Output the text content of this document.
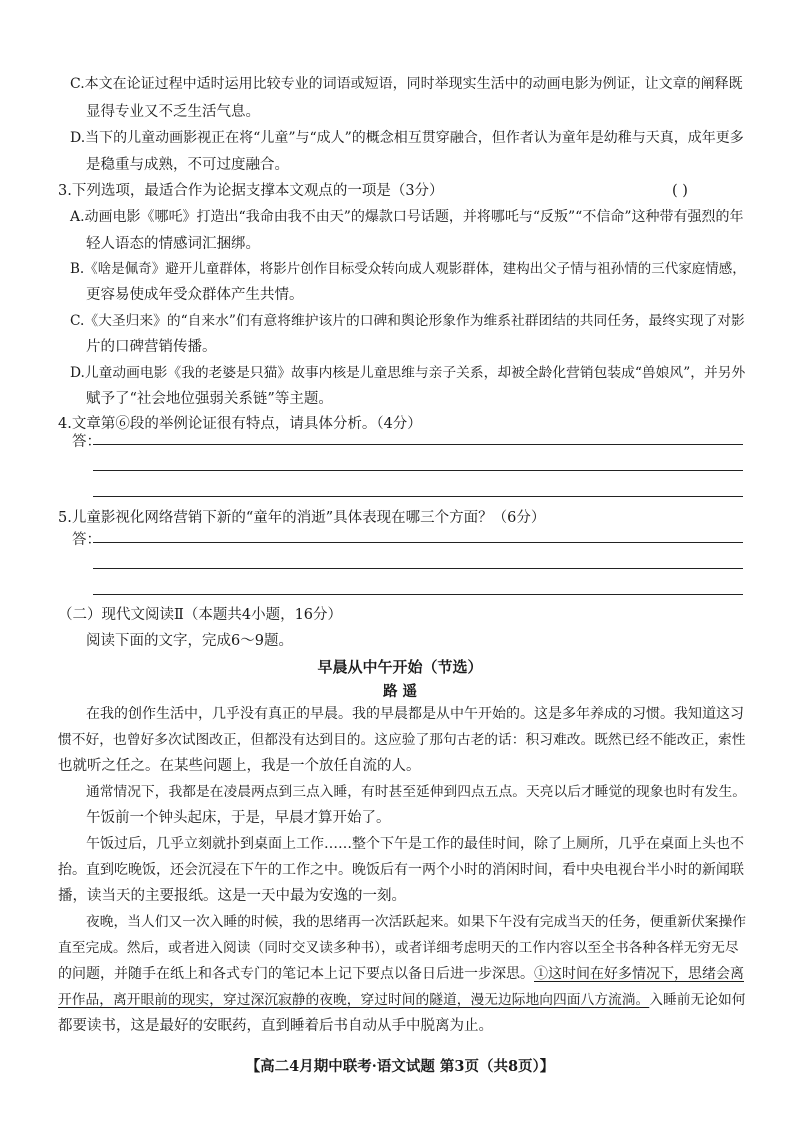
C.本文在论证过程中适时运用比较专业的词语或短语，同时举现实生活中的动画电影为例证，让文章的阐释既
显得专业又不乏生活气息。
D.当下的儿童动画影视正在将“儿童”与“成人”的概念相互贯穿融合，但作者认为童年是幼稚与天真，成年更多
是稳重与成熟，不可过度融合。
3.下列选项，最适合作为论据支撑本文观点的一项是（3分）	( )
A.动画电影《哪吒》打造出“我命由我不由天”的爆款口号话题，并将哪吒与“反叛”“不信命”这种带有强烈的年
轻人语态的情感词汇捆绑。
B.《啥是佩奇》避开儿童群体，将影片创作目标受众转向成人观影群体，建构出父子情与祖孙情的三代家庭情感，
更容易使成年受众群体产生共情。
C.《大圣归来》的“自来水”们有意将维护该片的口碑和舆论形象作为维系社群团结的共同任务，最终实现了对影
片的口碑营销传播。
D.儿童动画电影《我的老婆是只猫》故事内核是儿童思维与亲子关系，却被全龄化营销包装成“兽娘风”，并另外
赋予了“社会地位强弱关系链”等主题。
4.文章第⑥段的举例论证很有特点，请具体分析。（4分）
答：
5.儿童影视化网络营销下新的“童年的消逝”具体表现在哪三个方面？（6分）
答：
（二）现代文阅读Ⅱ（本题共4小题，16分）
阅读下面的文字，完成6～9题。
早晨从中午开始（节选）
路 遥
在我的创作生活中，几乎没有真正的早晨。我的早晨都是从中午开始的。这是多年养成的习惯。我知道这习
惯不好，也曾好多次试图改正，但都没有达到目的。这应验了那句古老的话：积习难改。既然已经不能改正，索性
也就听之任之。在某些问题上，我是一个放任自流的人。
通常情况下，我都是在凌晨两点到三点入睡，有时甚至延伸到四点五点。天亮以后才睡觉的现象也时有发生。
午饭前一个钟头起床，于是，早晨才算开始了。
午饭过后，几乎立刻就扑到桌面上工作……整个下午是工作的最佳时间，除了上厕所，几乎在桌面上头也不
抬。直到吃晚饭，还会沉浸在下午的工作之中。晚饭后有一两个小时的消闲时间，看中央电视台半小时的新闻联
播，读当天的主要报纸。这是一天中最为安逸的一刻。
夜晚，当人们又一次入睡的时候，我的思绪再一次活跃起来。如果下午没有完成当天的任务，便重新伏案操作
直至完成。然后，或者进入阅读（同时交叉读多种书），或者详细考虑明天的工作内容以至全书各种各样无穷无尽
的问题，并随手在纸上和各式专门的笔记本上记下要点以备日后进一步深思。①这时间在好多情况下，思绪会离
开作品，离开眼前的现实，穿过深沉寂静的夜晚，穿过时间的隧道，漫无边际地向四面八方流淌。入睡前无论如何
都要读书，这是最好的安眠药，直到睡着后书自动从手中脱离为止。
【高二4月期中联考·语文试题 第3页（共8页）】
